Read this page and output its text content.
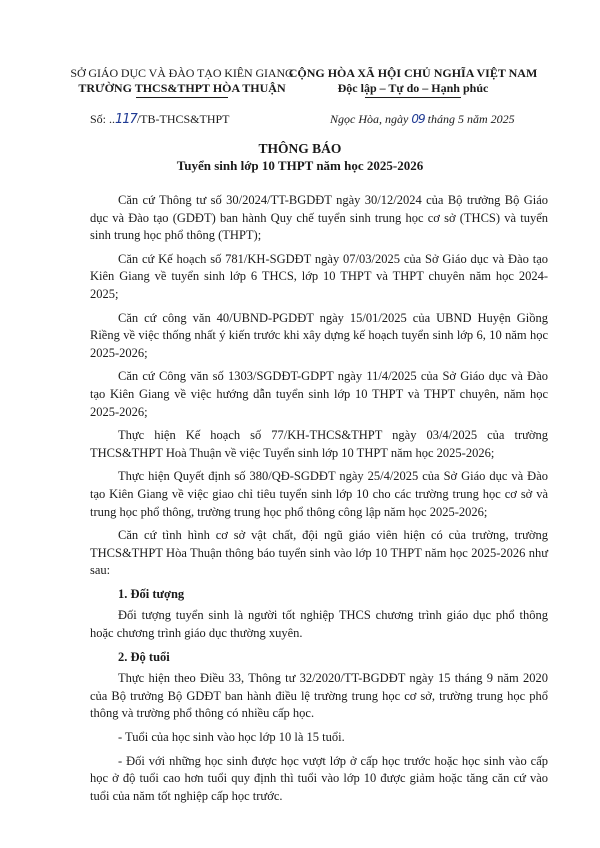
SỞ GIÁO DỤC VÀ ĐÀO TẠO KIÊN GIANG
TRƯỜNG THCS&THPT HÒA THUẬN
CỘNG HÒA XÃ HỘI CHỦ NGHĨA VIỆT NAM
Độc lập – Tự do – Hạnh phúc
Số: ..117/TB-THCS&THPT	Ngọc Hòa, ngày 09 tháng 5 năm 2025
THÔNG BÁO
Tuyển sinh lớp 10 THPT năm học 2025-2026

Căn cứ Thông tư số 30/2024/TT-BGDĐT ngày 30/12/2024 của Bộ trưởng Bộ Giáo dục và Đào tạo (GDĐT) ban hành Quy chế tuyển sinh trung học cơ sở (THCS) và tuyển sinh trung học phổ thông (THPT);

Căn cứ Kế hoạch số 781/KH-SGDĐT ngày 07/03/2025 của Sở Giáo dục và Đào tạo Kiên Giang về tuyển sinh lớp 6 THCS, lớp 10 THPT và THPT chuyên năm học 2024-2025;

Căn cứ công văn 40/UBND-PGDĐT ngày 15/01/2025 của UBND Huyện Giồng Riềng về việc thống nhất ý kiến trước khi xây dựng kế hoạch tuyển sinh lớp 6, 10 năm học 2025-2026;

Căn cứ Công văn số 1303/SGDĐT-GDPT ngày 11/4/2025 của Sở Giáo dục và Đào tạo Kiên Giang về việc hướng dẫn tuyển sinh lớp 10 THPT và THPT chuyên, năm học 2025-2026;

Thực hiện Kế hoạch số 77/KH-THCS&THPT ngày 03/4/2025 của trường THCS&THPT Hoà Thuận về việc Tuyển sinh lớp 10 THPT năm học 2025-2026;

Thực hiện Quyết định số 380/QĐ-SGDĐT ngày 25/4/2025 của Sở Giáo dục và Đào tạo Kiên Giang về việc giao chỉ tiêu tuyển sinh lớp 10 cho các trường trung học cơ sở và trung học phổ thông, trường trung học phổ thông công lập năm học 2025-2026;

Căn cứ tình hình cơ sở vật chất, đội ngũ giáo viên hiện có của trường, trường THCS&THPT Hòa Thuận thông báo tuyển sinh vào lớp 10 THPT năm học 2025-2026 như sau:

1. Đối tượng

Đối tượng tuyển sinh là người tốt nghiệp THCS chương trình giáo dục phổ thông hoặc chương trình giáo dục thường xuyên.

2. Độ tuổi

Thực hiện theo Điều 33, Thông tư 32/2020/TT-BGDĐT ngày 15 tháng 9 năm 2020 của Bộ trưởng Bộ GDĐT ban hành điều lệ trường trung học cơ sở, trường trung học phổ thông và trường phổ thông có nhiều cấp học.

- Tuổi của học sinh vào học lớp 10 là 15 tuổi.

- Đối với những học sinh được học vượt lớp ở cấp học trước hoặc học sinh vào cấp học ở độ tuổi cao hơn tuổi quy định thì tuổi vào lớp 10 được giảm hoặc tăng căn cứ vào tuổi của năm tốt nghiệp cấp học trước.
